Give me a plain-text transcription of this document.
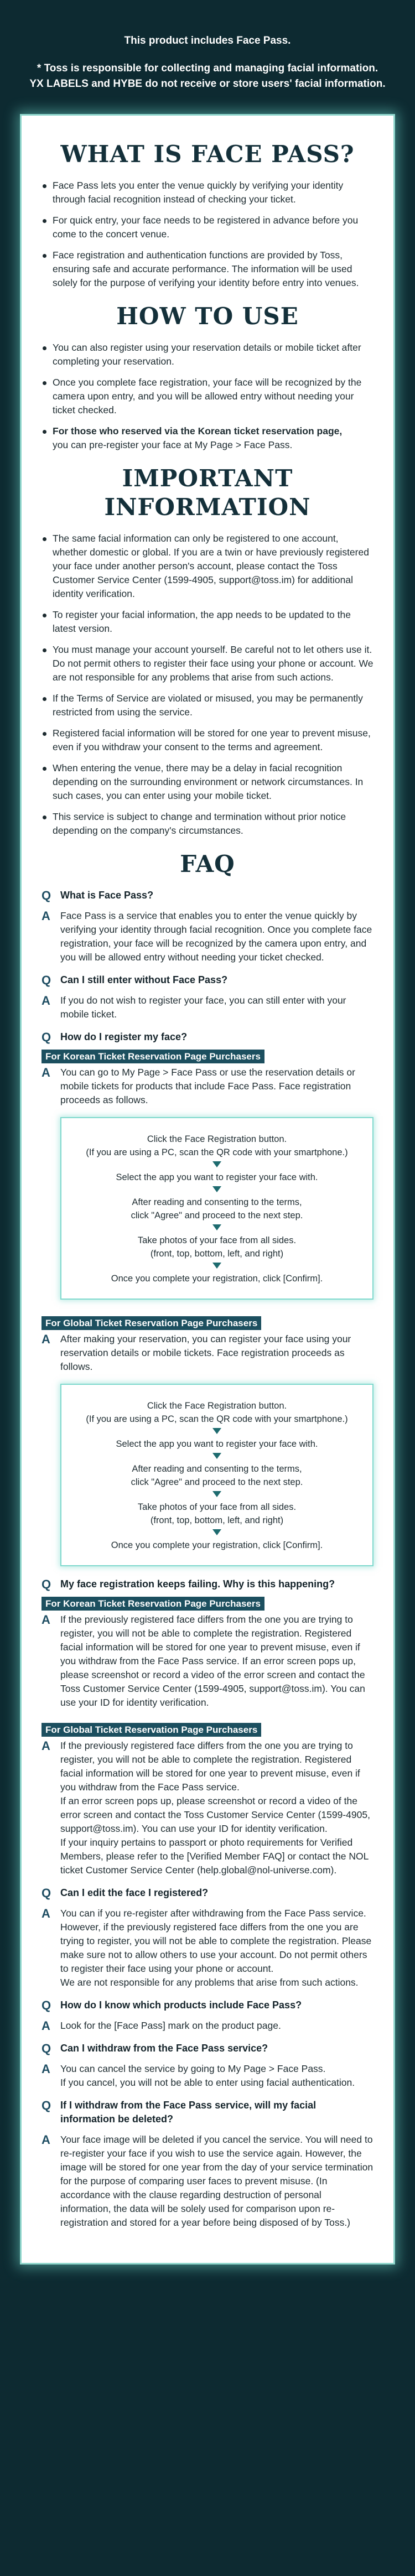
This product includes Face Pass.

* Toss is responsible for collecting and managing facial information.

YX LABELS and HYBE do not receive or store users' facial information.

WHAT IS FACE PASS?
Face Pass lets you enter the venue quickly by verifying your identity through facial recognition instead of checking your ticket.
For quick entry, your face needs to be registered in advance before you come to the concert venue.
Face registration and authentication functions are provided by Toss, ensuring safe and accurate performance. The information will be used solely for the purpose of verifying your identity before entry into venues.
HOW TO USE
You can also register using your reservation details or mobile ticket after completing your reservation.
Once you complete face registration, your face will be recognized by the camera upon entry, and you will be allowed entry without needing your ticket checked.
For those who reserved via the Korean ticket reservation page,
you can pre-register your face at My Page > Face Pass.
IMPORTANT
INFORMATION
The same facial information can only be registered to one account, whether domestic or global. If you are a twin or have previously registered your face under another person's account, please contact the Toss Customer Service Center (1599-4905, support@toss.im) for additional identity verification.
To register your facial information, the app needs to be updated to the latest version.
You must manage your account yourself. Be careful not to let others use it. Do not permit others to register their face using your phone or account. We are not responsible for any problems that arise from such actions.
If the Terms of Service are violated or misused, you may be permanently restricted from using the service.
Registered facial information will be stored for one year to prevent misuse, even if you withdraw your consent to the terms and agreement.
When entering the venue, there may be a delay in facial recognition depending on the surrounding environment or network circumstances. In such cases, you can enter using your mobile ticket.
This service is subject to change and termination without prior notice depending on the company's circumstances.
FAQ
Q What is Face Pass?
A	Face Pass is a service that enables you to enter the venue quickly by verifying your identity through facial recognition. Once you complete face registration, your face will be recognized by the camera upon entry, and you will be allowed entry without needing your ticket checked.
Q Can I still enter without Face Pass?
A	If you do not wish to register your face, you can still enter with your mobile ticket.
Q How do I register my face?
For Korean Ticket Reservation Page Purchasers
A	You can go to My Page > Face Pass or use the reservation details or mobile tickets for products that include Face Pass. Face registration proceeds as follows.

Click the Face Registration button.
(If you are using a PC, scan the QR code with your smartphone.)

Select the app you want to register your face with.

After reading and consenting to the terms,
click "Agree" and proceed to the next step.

Take photos of your face from all sides.
(front, top, bottom, left, and right)

Once you complete your registration, click [Confirm].

For Global Ticket Reservation Page Purchasers
A	After making your reservation, you can register your face using your reservation details or mobile tickets. Face registration proceeds as follows.

Click the Face Registration button.
(If you are using a PC, scan the QR code with your smartphone.)

Select the app you want to register your face with.

After reading and consenting to the terms,
click "Agree" and proceed to the next step.

Take photos of your face from all sides.
(front, top, bottom, left, and right)

Once you complete your registration, click [Confirm].

Q My face registration keeps failing. Why is this happening?
For Korean Ticket Reservation Page Purchasers
A	If the previously registered face differs from the one you are trying to register, you will not be able to complete the registration. Registered facial information will be stored for one year to prevent misuse, even if you withdraw from the Face Pass service. If an error screen pops up, please screenshot or record a video of the error screen and contact the Toss Customer Service Center (1599-4905, support@toss.im). You can use your ID for identity verification.
For Global Ticket Reservation Page Purchasers
A	If the previously registered face differs from the one you are trying to register, you will not be able to complete the registration. Registered facial information will be stored for one year to prevent misuse, even if you withdraw from the Face Pass service.
If an error screen pops up, please screenshot or record a video of the error screen and contact the Toss Customer Service Center (1599-4905, support@toss.im). You can use your ID for identity verification.
If your inquiry pertains to passport or photo requirements for Verified Members, please refer to the [Verified Member FAQ] or contact the NOL ticket Customer Service Center (help.global@nol-universe.com).
Q Can I edit the face I registered?
A	You can if you re-register after withdrawing from the Face Pass service. However, if the previously registered face differs from the one you are trying to register, you will not be able to complete the registration. Please make sure not to allow others to use your account. Do not permit others to register their face using your phone or account.
We are not responsible for any problems that arise from such actions.
Q How do I know which products include Face Pass?
A	Look for the [Face Pass] mark on the product page.
Q Can I withdraw from the Face Pass service?
A	You can cancel the service by going to My Page > Face Pass.
If you cancel, you will not be able to enter using facial authentication.
Q If I withdraw from the Face Pass service, will my facial information be deleted?
A	Your face image will be deleted if you cancel the service. You will need to re-register your face if you wish to use the service again. However, the image will be stored for one year from the day of your service termination for the purpose of comparing user faces to prevent misuse. (In accordance with the clause regarding destruction of personal information, the data will be solely used for comparison upon re-registration and stored for a year before being disposed of by Toss.)
